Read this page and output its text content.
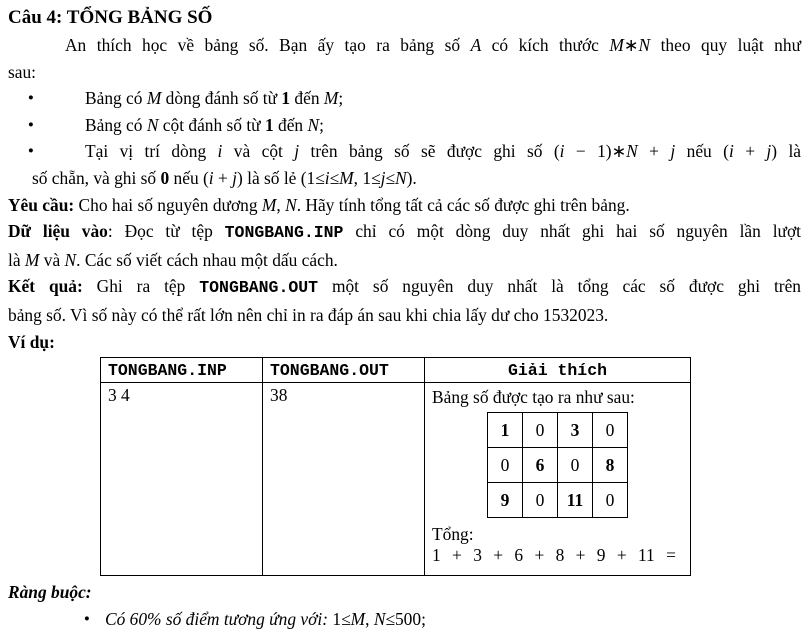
Câu 4: TỔNG BẢNG SỐ
An thích học về bảng số. Bạn ấy tạo ra bảng số A có kích thước M∗N theo quy luật như
sau:
●	Bảng có M dòng đánh số từ 1 đến M;
●	Bảng có N cột đánh số từ 1 đến N;
●	Tại vị trí dòng i và cột j trên bảng số sẽ được ghi số (i − 1)∗N + j nếu (i + j) là
số chẵn, và ghi số 0 nếu (i + j) là số lẻ (1≤i≤M, 1≤j≤N).
Yêu cầu: Cho hai số nguyên dương M, N. Hãy tính tổng tất cả các số được ghi trên bảng.
Dữ liệu vào: Đọc từ tệp TONGBANG.INP chỉ có một dòng duy nhất ghi hai số nguyên lần lượt
là M và N. Các số viết cách nhau một dấu cách.
Kết quả: Ghi ra tệp TONGBANG.OUT một số nguyên duy nhất là tổng các số được ghi trên
bảng số. Vì số này có thể rất lớn nên chỉ in ra đáp án sau khi chia lấy dư cho 1532023.
Ví dụ:
TONGBANG.INP	TONGBANG.OUT	Giải thích
3 4	38	Bảng số được tạo ra như sau:
1	0	3	0
0	6	0	8
9	0	11	0
Tổng:
1 + 3 + 6 + 8 + 9 + 11 =
Ràng buộc:
● Có 60% số điểm tương ứng với: 1≤M, N≤500;
